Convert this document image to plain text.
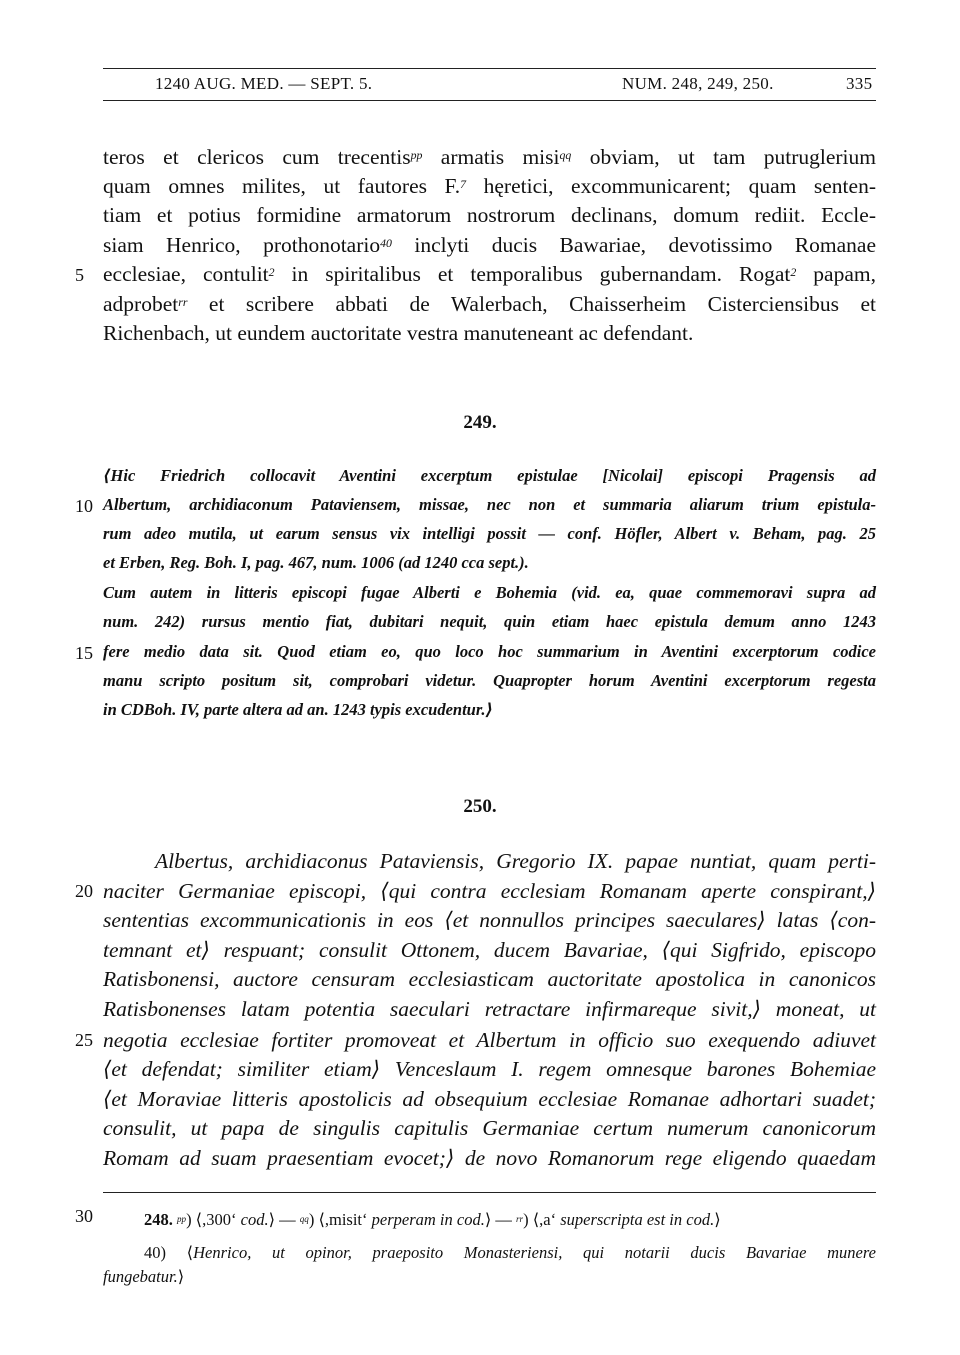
1240 AUG. MED. — SEPT. 5.	NUM. 248, 249, 250.	335
teros et clericos cum trecentis$^{pp}$ armatis misi$^{qq}$ obviam, ut tam putruglerium
quam omnes milites, ut fautores F.$^7$ hęretici, excommunicarent; quam senten-
tiam et potius formidine armatorum nostrorum declinans, domum rediit. Eccle-
siam Henrico, prothonotario$^{40}$ inclyti ducis Bawariae, devotissimo Romanae
5 ecclesiae, contulit$^2$ in spiritalibus et temporalibus gubernandam. Rogat$^2$ papam,
adprobet$^{rr}$ et scribere abbati de Walerbach, Chaisserheim Cisterciensibus et
Richenbach, ut eundem auctoritate vestra manuteneant ac defendant.
249.
⟨Hic Friedrich collocavit Aventini excerptum epistulae [Nicolai] episcopi Pragensis ad
10 Albertum, archidiaconum Pataviensem, missae, nec non et summaria aliarum trium epistula-
rum adeo mutila, ut earum sensus vix intelligi possit — conf. Höfler, Albert v. Beham, pag. 25
et Erben, Reg. Boh. I, pag. 467, num. 1006 (ad 1240 cca sept.).
Cum autem in litteris episcopi fugae Alberti e Bohemia (vid. ea, quae commemoravi supra ad
num. 242) rursus mentio fiat, dubitari nequit, quin etiam haec epistula demum anno 1243
15 fere medio data sit. Quod etiam eo, quo loco hoc summarium in Aventini excerptorum codice
manu scripto positum sit, comprobari videtur. Quapropter horum Aventini excerptorum regesta
in CDBoh. IV, parte altera ad an. 1243 typis excudentur.⟩
250.
Albertus, archidiaconus Pataviensis, Gregorio IX. papae nuntiat, quam perti-
20 naciter Germaniae episcopi, ⟨qui contra ecclesiam Romanam aperte conspirant,⟩
sententias excommunicationis in eos ⟨et nonnullos principes saeculares⟩ latas ⟨con-
temnant et⟩ respuant; consulit Ottonem, ducem Bavariae, ⟨qui Sigfrido, episcopo
Ratisbonensi, auctore censuram ecclesiasticam auctoritate apostolica in canonicos
Ratisbonenses latam potentia saeculari retractare infirmareque sivit,⟩ moneat, ut
25 negotia ecclesiae fortiter promoveat et Albertum in officio suo exequendo adiuvet
⟨et defendat; similiter etiam⟩ Venceslaum I. regem omnesque barones Bohemiae
⟨et Moraviae litteris apostolicis ad obsequium ecclesiae Romanae adhortari suadet;
consulit, ut papa de singulis capitulis Germaniae certum numerum canonicorum
Romam ad suam praesentiam evocet;⟩ de novo Romanorum rege eligendo quaedam
30	248. $^{pp}$) ⟨,300‘ cod.⟩ — $^{qq}$) ⟨,misit‘ perperam in cod.⟩ — $^{rr}$) ⟨,a‘ superscripta est in cod.⟩
40) ⟨Henrico, ut opinor, praeposito Monasteriensi, qui notarii ducis Bavariae munere
fungebatur.⟩
